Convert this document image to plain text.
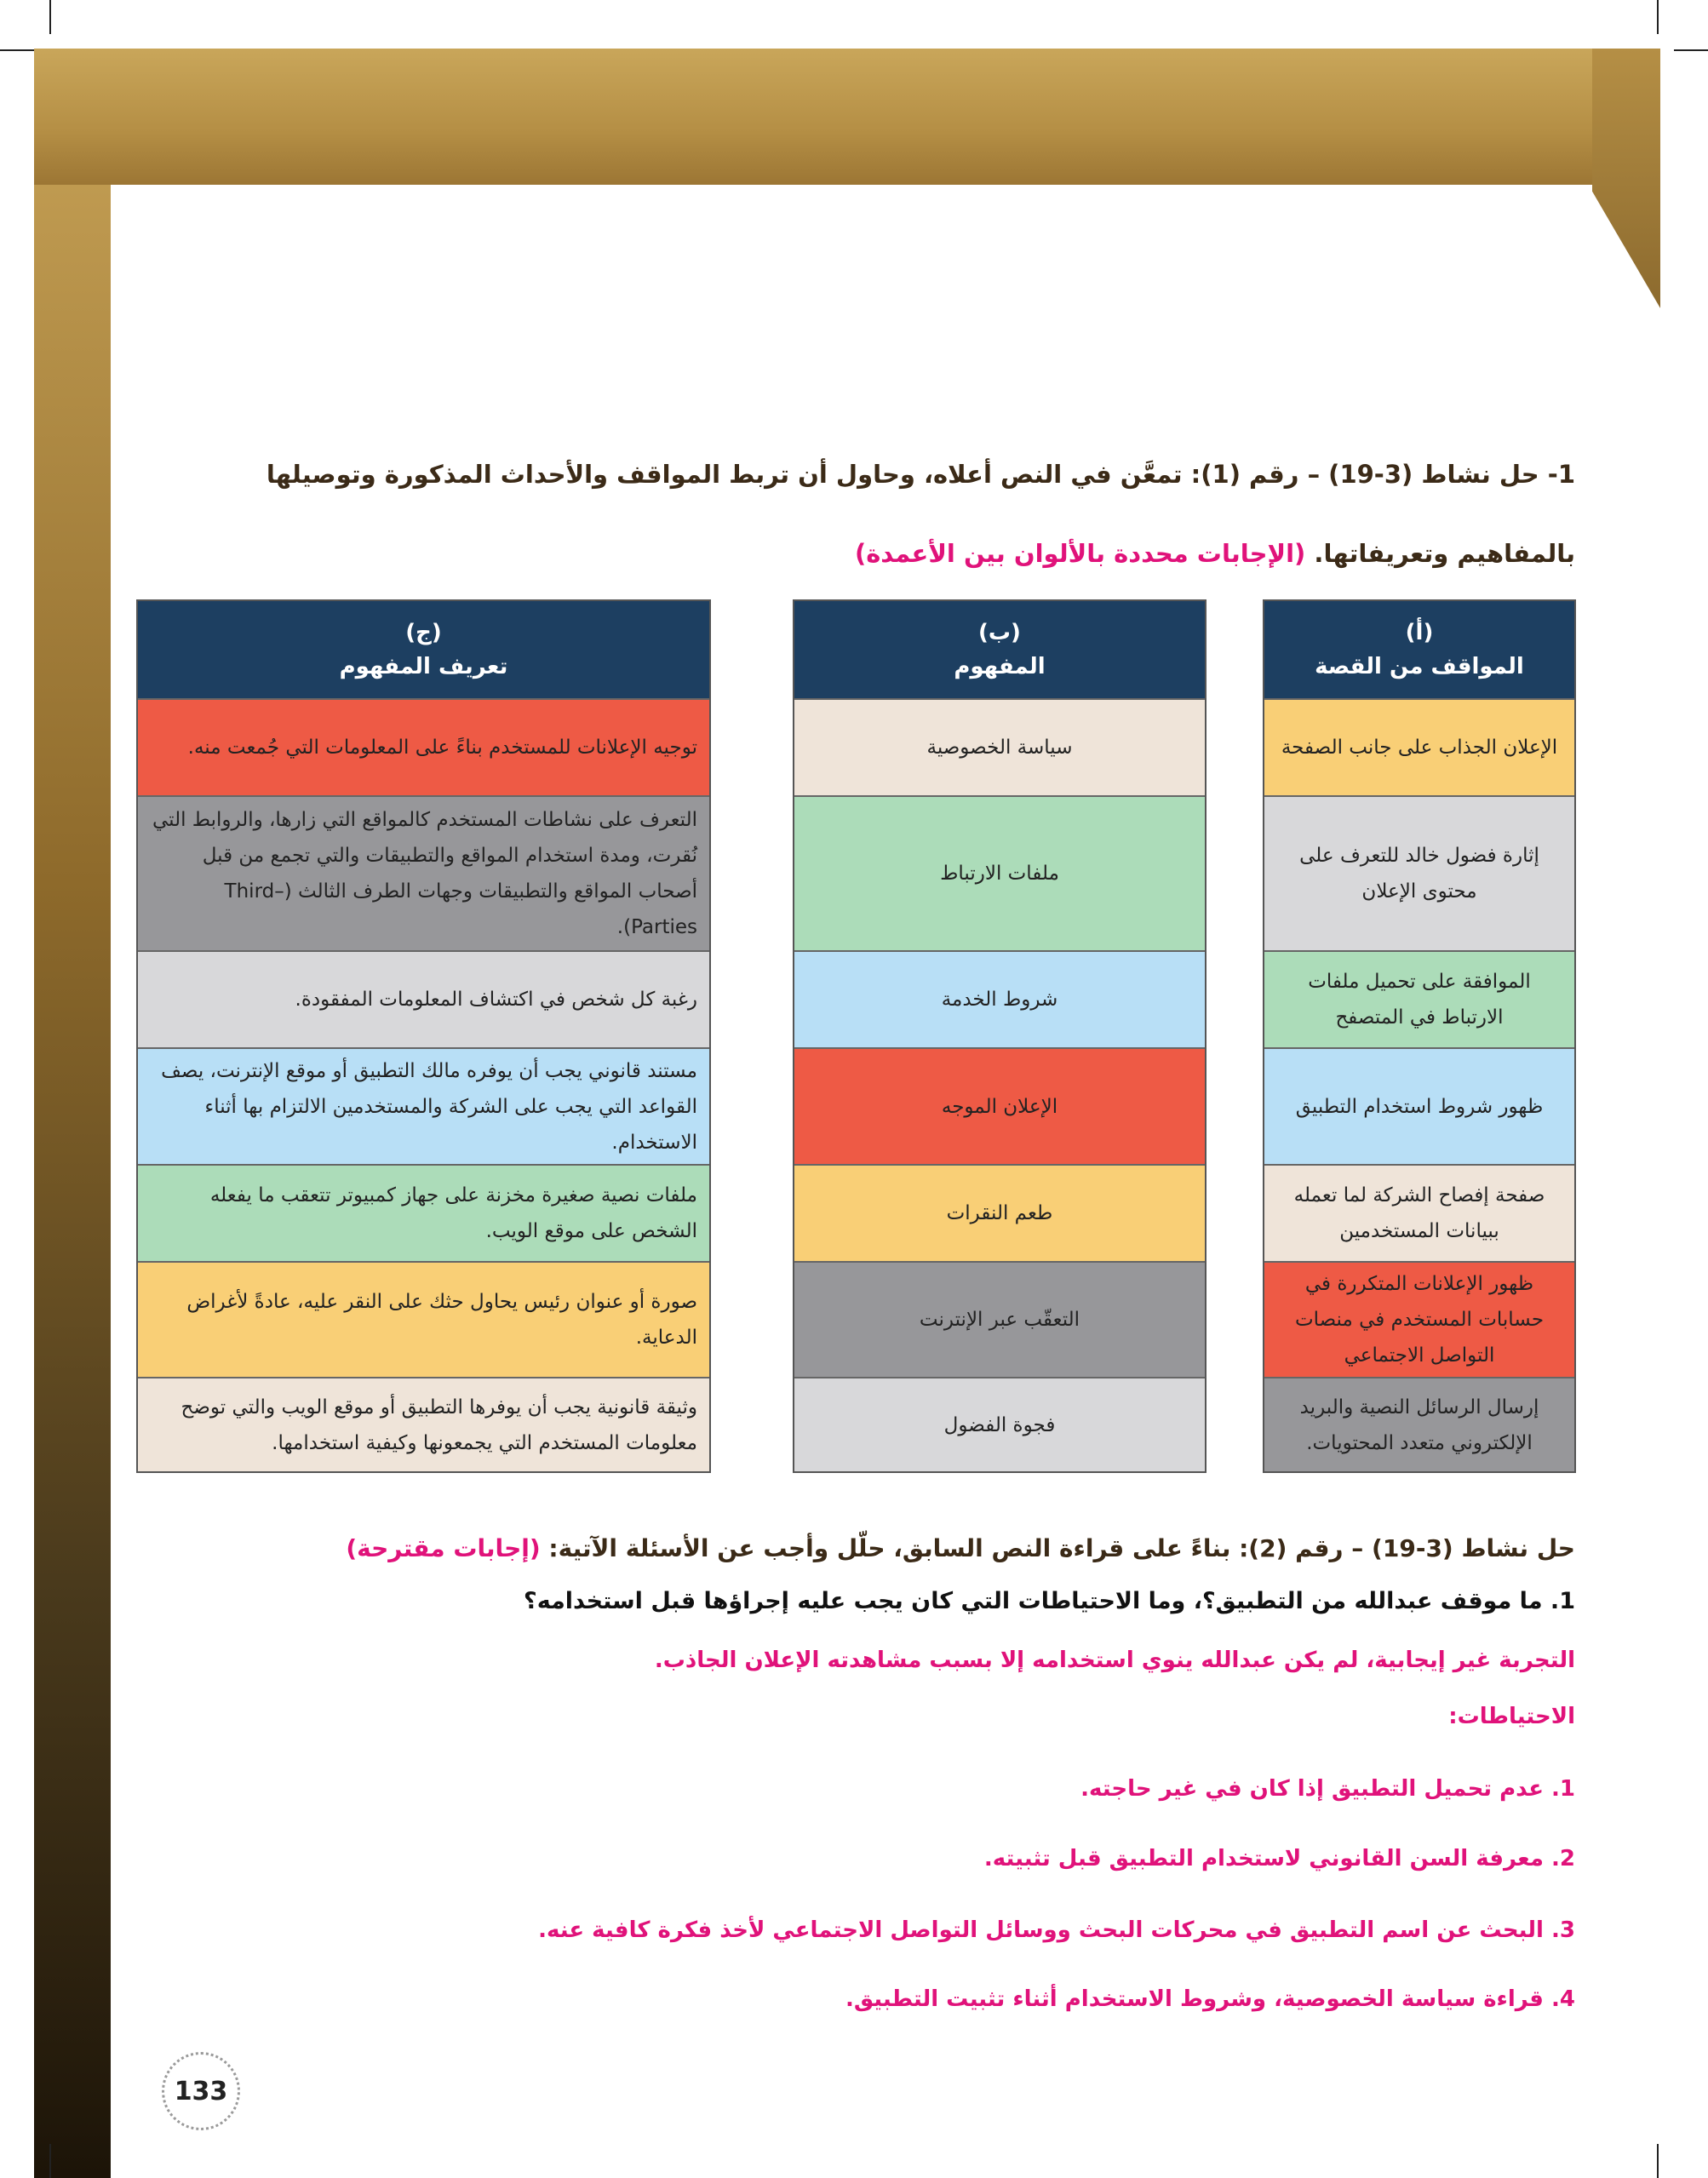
1- حل نشاط (3-19) – رقم (1): تمعَّن في النص أعلاه، وحاول أن تربط المواقف والأحداث المذكورة وتوصيلها
بالمفاهيم وتعريفاتها. (الإجابات محددة بالألوان بين الأعمدة)
(أ)
المواقف من القصة
الإعلان الجذاب على جانب الصفحة
إثارة فضول خالد للتعرف على محتوى الإعلان
الموافقة على تحميل ملفات الارتباط في المتصفح
ظهور شروط استخدام التطبيق
صفحة إفصاح الشركة لما تعمله ببيانات المستخدمين
ظهور الإعلانات المتكررة في حسابات المستخدم في منصات التواصل الاجتماعي
إرسال الرسائل النصية والبريد الإلكتروني متعدد المحتويات.
(ب)
المفهوم
سياسة الخصوصية
ملفات الارتباط
شروط الخدمة
الإعلان الموجه
طعم النقرات
التعقّب عبر الإنترنت
فجوة الفضول
(ج)
تعريف المفهوم
توجيه الإعلانات للمستخدم بناءً على المعلومات التي جُمعت منه.
التعرف على نشاطات المستخدم كالمواقع التي زارها، والروابط التي نُقرت، ومدة استخدام المواقع والتطبيقات والتي تجمع من قبل أصحاب المواقع والتطبيقات وجهات الطرف الثالث (Third–Parties).
رغبة كل شخص في اكتشاف المعلومات المفقودة.
مستند قانوني يجب أن يوفره مالك التطبيق أو موقع الإنترنت، يصف القواعد التي يجب على الشركة والمستخدمين الالتزام بها أثناء الاستخدام.
ملفات نصية صغيرة مخزنة على جهاز كمبيوتر تتعقب ما يفعله الشخص على موقع الويب.
صورة أو عنوان رئيس يحاول حثك على النقر عليه، عادةً لأغراض الدعاية.
وثيقة قانونية يجب أن يوفرها التطبيق أو موقع الويب والتي توضح معلومات المستخدم التي يجمعونها وكيفية استخدامها.
حل نشاط (3-19) – رقم (2): بناءً على قراءة النص السابق، حلّل وأجب عن الأسئلة الآتية: (إجابات مقترحة)
1. ما موقف عبدالله من التطبيق؟، وما الاحتياطات التي كان يجب عليه إجراؤها قبل استخدامه؟
التجربة غير إيجابية، لم يكن عبدالله ينوي استخدامه إلا بسبب مشاهدته الإعلان الجاذب.
الاحتياطات:
1. عدم تحميل التطبيق إذا كان في غير حاجته.
2. معرفة السن القانوني لاستخدام التطبيق قبل تثبيته.
3. البحث عن اسم التطبيق في محركات البحث ووسائل التواصل الاجتماعي لأخذ فكرة كافية عنه.
4. قراءة سياسة الخصوصية، وشروط الاستخدام أثناء تثبيت التطبيق.
133
